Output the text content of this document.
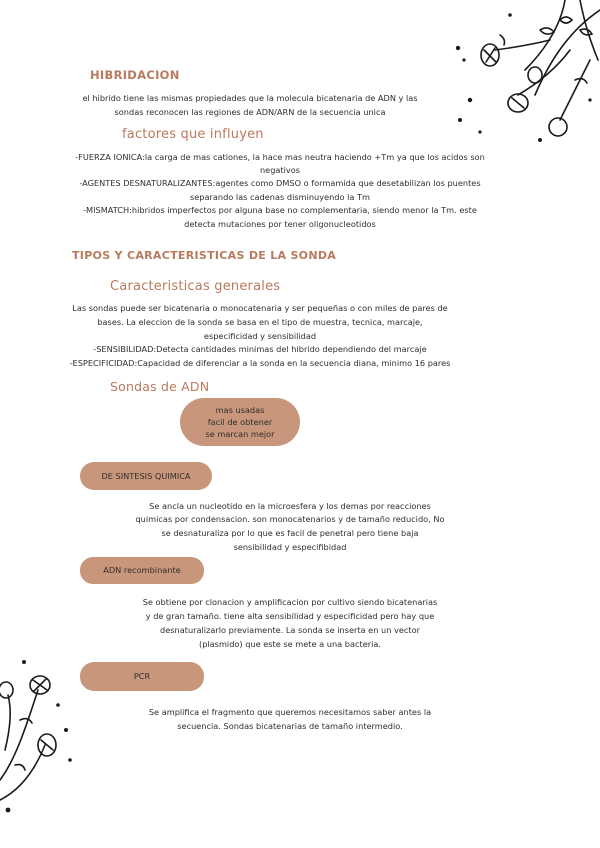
HIBRIDACION
el hibrido tiene las mismas propiedades que la molecula bicatenaria de ADN y las
sondas reconocen las regiones de ADN/ARN de la secuencia unica
factores que influyen
-FUERZA IONICA:la carga de mas cationes, la hace mas neutra haciendo +Tm ya que los acidos son
negativos
-AGENTES DESNATURALIZANTES:agentes como DMSO o formamida que desetabilizan los puentes
separando las cadenas disminuyendo la Tm
-MISMATCH:hibridos imperfectos por alguna base no complementaria, siendo menor la Tm. este
detecta mutaciones por tener oligonucleotidos
TIPOS Y CARACTERISTICAS DE LA SONDA
Caracteristicas generales
Las sondas puede ser bicatenaria o monocatenaria y ser pequeñas o con miles de pares de
bases. La eleccion de la sonda se basa en el tipo de muestra, tecnica, marcaje,
especificidad y sensibilidad
-SENSIBILIDAD:Detecta cantidades minimas del hibrido dependiendo del marcaje
-ESPECIFICIDAD:Capacidad de diferenciar a la sonda en la secuencia diana, minimo 16 pares
Sondas de ADN
mas usadas
facil de obtener
se marcan mejor
DE SINTESIS QUIMICA
Se ancla un nucleotido en la microesfera y los demas por reacciones
quimicas por condensacion. son monocatenarios y de tamaño reducido, No
se desnaturaliza por lo que es facil de penetral pero tiene baja
sensibilidad y especifibidad
ADN recombinante
Se obtiene por clonacion y amplificacion por cultivo siendo bicatenarias
y de gran tamaño. tiene alta sensibilidad y especificidad pero hay que
desnaturalizarlo previamente. La sonda se inserta en un vector
(plasmido) que este se mete a una bacteria.
PCR
Se amplifica el fragmento que queremos necesitamos saber antes la
secuencia. Sondas bicatenarias de tamaño intermedio.
